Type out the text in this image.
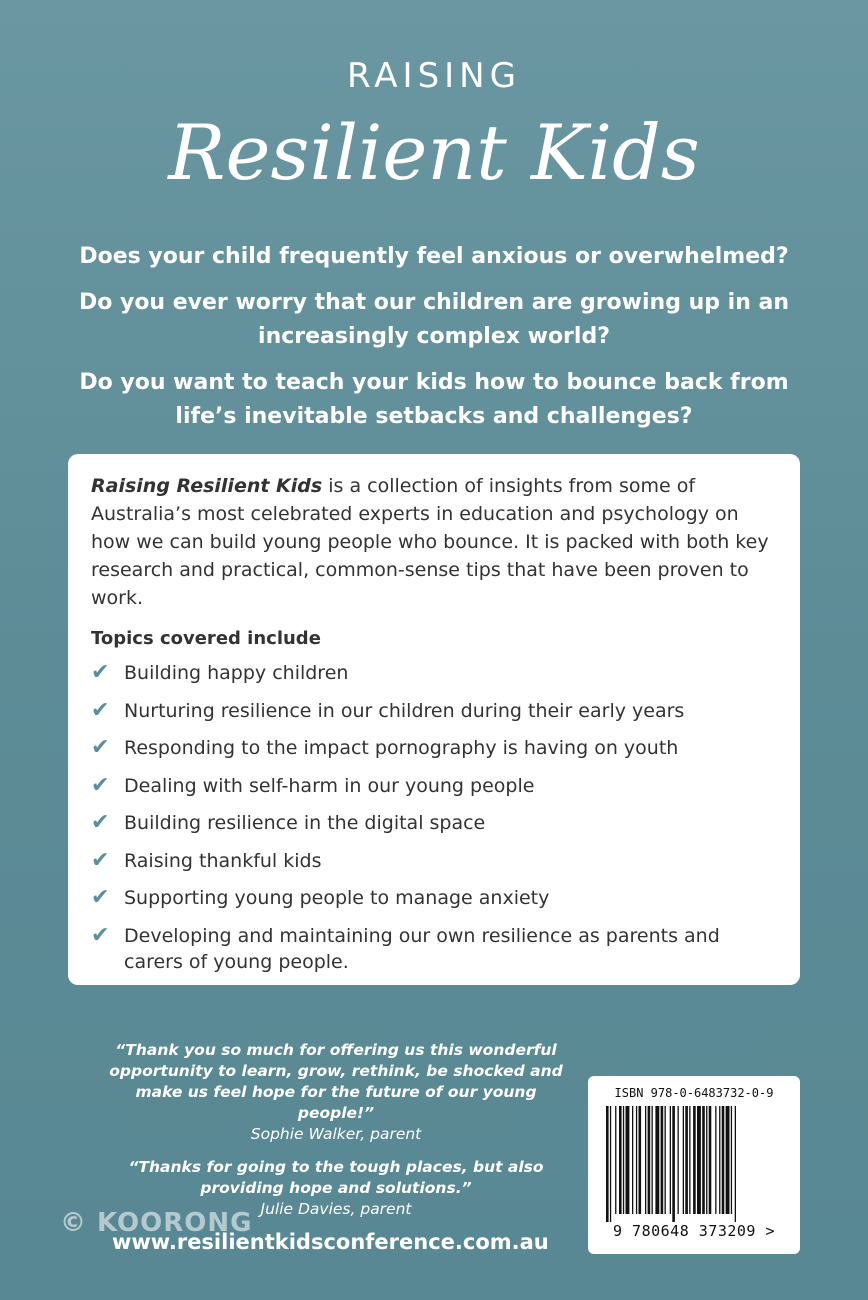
RAISING
Resilient Kids

Does your child frequently feel anxious or overwhelmed?

Do you ever worry that our children are growing up in an increasingly complex world?

Do you want to teach your kids how to bounce back from life’s inevitable setbacks and challenges?

Raising Resilient Kids is a collection of insights from some of Australia’s most celebrated experts in education and psychology on how we can build young people who bounce. It is packed with both key research and practical, common-sense tips that have been proven to work.

Topics covered include
✔ Building happy children
✔ Nurturing resilience in our children during their early years
✔ Responding to the impact pornography is having on youth
✔ Dealing with self-harm in our young people
✔ Building resilience in the digital space
✔ Raising thankful kids
✔ Supporting young people to manage anxiety
✔ Developing and maintaining our own resilience as parents and carers of young people.

“Thank you so much for offering us this wonderful opportunity to learn, grow, rethink, be shocked and make us feel hope for the future of our young people!”

Sophie Walker, parent

“Thanks for going to the tough places, but also providing hope and solutions.”

Julie Davies, parent

© KOORONG
www.resilientkidsconference.com.au
ISBN 978-0-6483732-0-9
9 780648 373209 >
